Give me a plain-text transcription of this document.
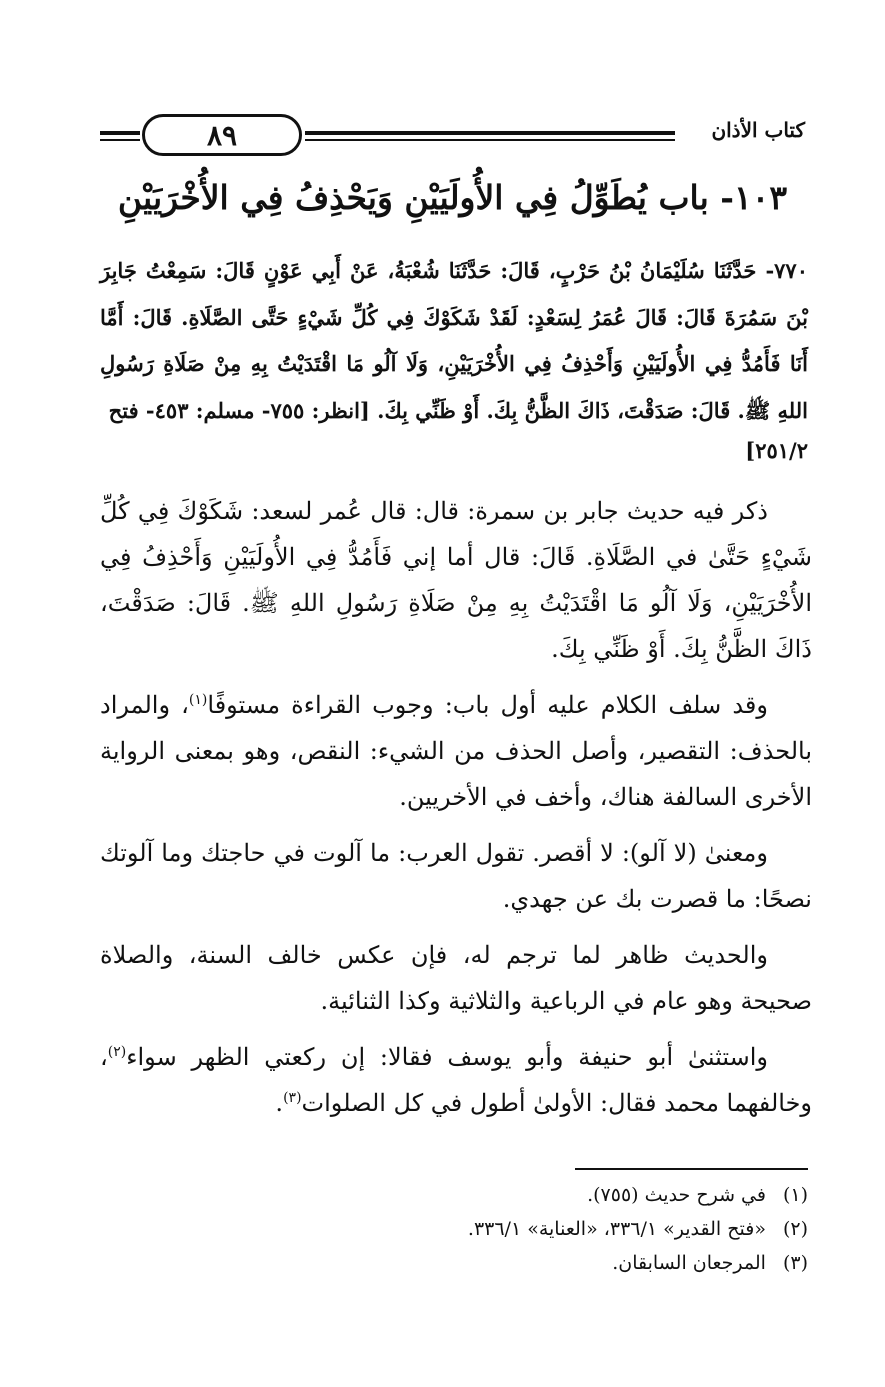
٨٩	كتاب الأذان
١٠٣- باب يُطَوِّلُ فِي الأُولَيَيْنِ وَيَحْذِفُ فِي الأُخْرَيَيْنِ
٧٧٠- حَدَّثَنَا سُلَيْمَانُ بْنُ حَرْبٍ، قَالَ: حَدَّثَنَا شُعْبَةُ، عَنْ أَبِي عَوْنٍ قَالَ: سَمِعْتُ جَابِرَ بْنَ سَمُرَةَ قَالَ: قَالَ عُمَرُ لِسَعْدٍ: لَقَدْ شَكَوْكَ فِي كُلِّ شَيْءٍ حَتَّى الصَّلَاةِ. قَالَ: أَمَّا أَنَا فَأَمُدُّ فِي الأُولَيَيْنِ وَأَحْذِفُ فِي الأُخْرَيَيْنِ، وَلَا آلُو مَا اقْتَدَيْتُ بِهِ مِنْ صَلَاةِ رَسُولِ اللهِ ﷺ. قَالَ: صَدَقْتَ، ذَاكَ الظَّنُّ بِكَ. أَوْ ظَنِّي بِكَ. [انظر: ٧٥٥- مسلم: ٤٥٣- فتح
٢٥١/٢]

ذكر فيه حديث جابر بن سمرة: قال: قال عُمر لسعد: شَكَوْكَ فِي كُلِّ شَيْءٍ حَتَّىٰ في الصَّلَاةِ. قَالَ: قال أما إني فَأَمُدُّ فِي الأُولَيَيْنِ وَأَحْذِفُ فِي الأُخْرَيَيْنِ، وَلَا آلُو مَا اقْتَدَيْتُ بِهِ مِنْ صَلَاةِ رَسُولِ اللهِ ﷺ. قَالَ: صَدَقْتَ، ذَاكَ الظَّنُّ بِكَ. أَوْ ظَنِّي بِكَ.

وقد سلف الكلام عليه أول باب: وجوب القراءة مستوفًا$^{(١)}$، والمراد بالحذف: التقصير، وأصل الحذف من الشيء: النقص، وهو بمعنى الرواية الأخرى السالفة هناك، وأخف في الأخريين.

ومعنىٰ (لا آلو): لا أقصر. تقول العرب: ما آلوت في حاجتك وما آلوتك نصحًا: ما قصرت بك عن جهدي.

والحديث ظاهر لما ترجم له، فإن عكس خالف السنة، والصلاة صحيحة وهو عام في الرباعية والثلاثية وكذا الثنائية.

واستثنىٰ أبو حنيفة وأبو يوسف فقالا: إن ركعتي الظهر سواء$^{(٢)}$، وخالفهما محمد فقال: الأولىٰ أطول في كل الصلوات$^{(٣)}$.

(١) في شرح حديث (٧٥٥).
(٢) «فتح القدير» ٣٣٦/١، «العناية» ٣٣٦/١.
(٣) المرجعان السابقان.
